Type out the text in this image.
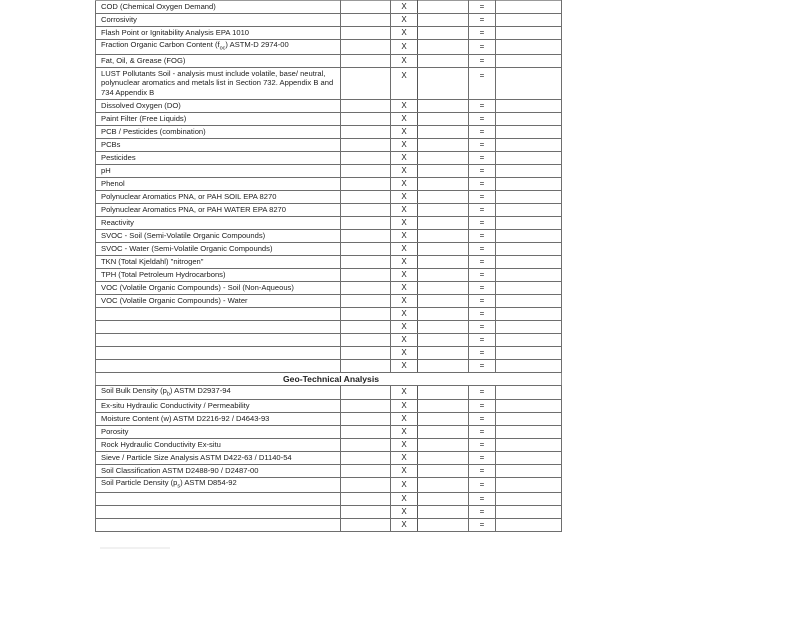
COD (Chemical Oxygen Demand)		X		=	
Corrosivity		X		=	
Flash Point or Ignitability Analysis EPA 1010		X		=	
Fraction Organic Carbon Content $(f_{oc})$ ASTM-D 2974-00		X		=	
Fat, Oil, & Grease (FOG)		X		=	
LUST Pollutants Soil - analysis must include volatile, base/ neutral, polynuclear aromatics and metals list in Section 732. Appendix B and 734 Appendix B		X		=	
Dissolved Oxygen (DO)		X		=	
Paint Filter (Free Liquids)		X		=	
PCB / Pesticides (combination)		X		=	
PCBs		X		=	
Pesticides		X		=	
pH		X		=	
Phenol		X		=	
Polynuclear Aromatics PNA, or PAH SOIL EPA 8270		X		=	
Polynuclear Aromatics PNA, or PAH WATER EPA 8270		X		=	
Reactivity		X		=	
SVOC - Soil (Semi-Volatile Organic Compounds)		X		=	
SVOC - Water (Semi-Volatile Organic Compounds)		X		=	
TKN (Total Kjeldahl) "nitrogen"		X		=	
TPH (Total Petroleum Hydrocarbons)		X		=	
VOC (Volatile Organic Compounds) - Soil (Non-Aqueous)		X		=	
VOC (Volatile Organic Compounds) - Water		X		=	
		X		=	
		X		=	
		X		=	
		X		=	
		X		=	
Geo-Technical Analysis					
Soil Bulk Density $(p_b)$ ASTM D2937-94		X		=	
Ex-situ Hydraulic Conductivity / Permeability		X		=	
Moisture Content (w) ASTM D2216-92 / D4643-93		X		=	
Porosity		X		=	
Rock Hydraulic Conductivity Ex-situ		X		=	
Sieve / Particle Size Analysis ASTM D422-63 / D1140-54		X		=	
Soil Classification ASTM D2488-90 / D2487-00		X		=	
Soil Particle Density $(p_s)$ ASTM D854-92		X		=	
		X		=	
		X		=	
		X		=	
